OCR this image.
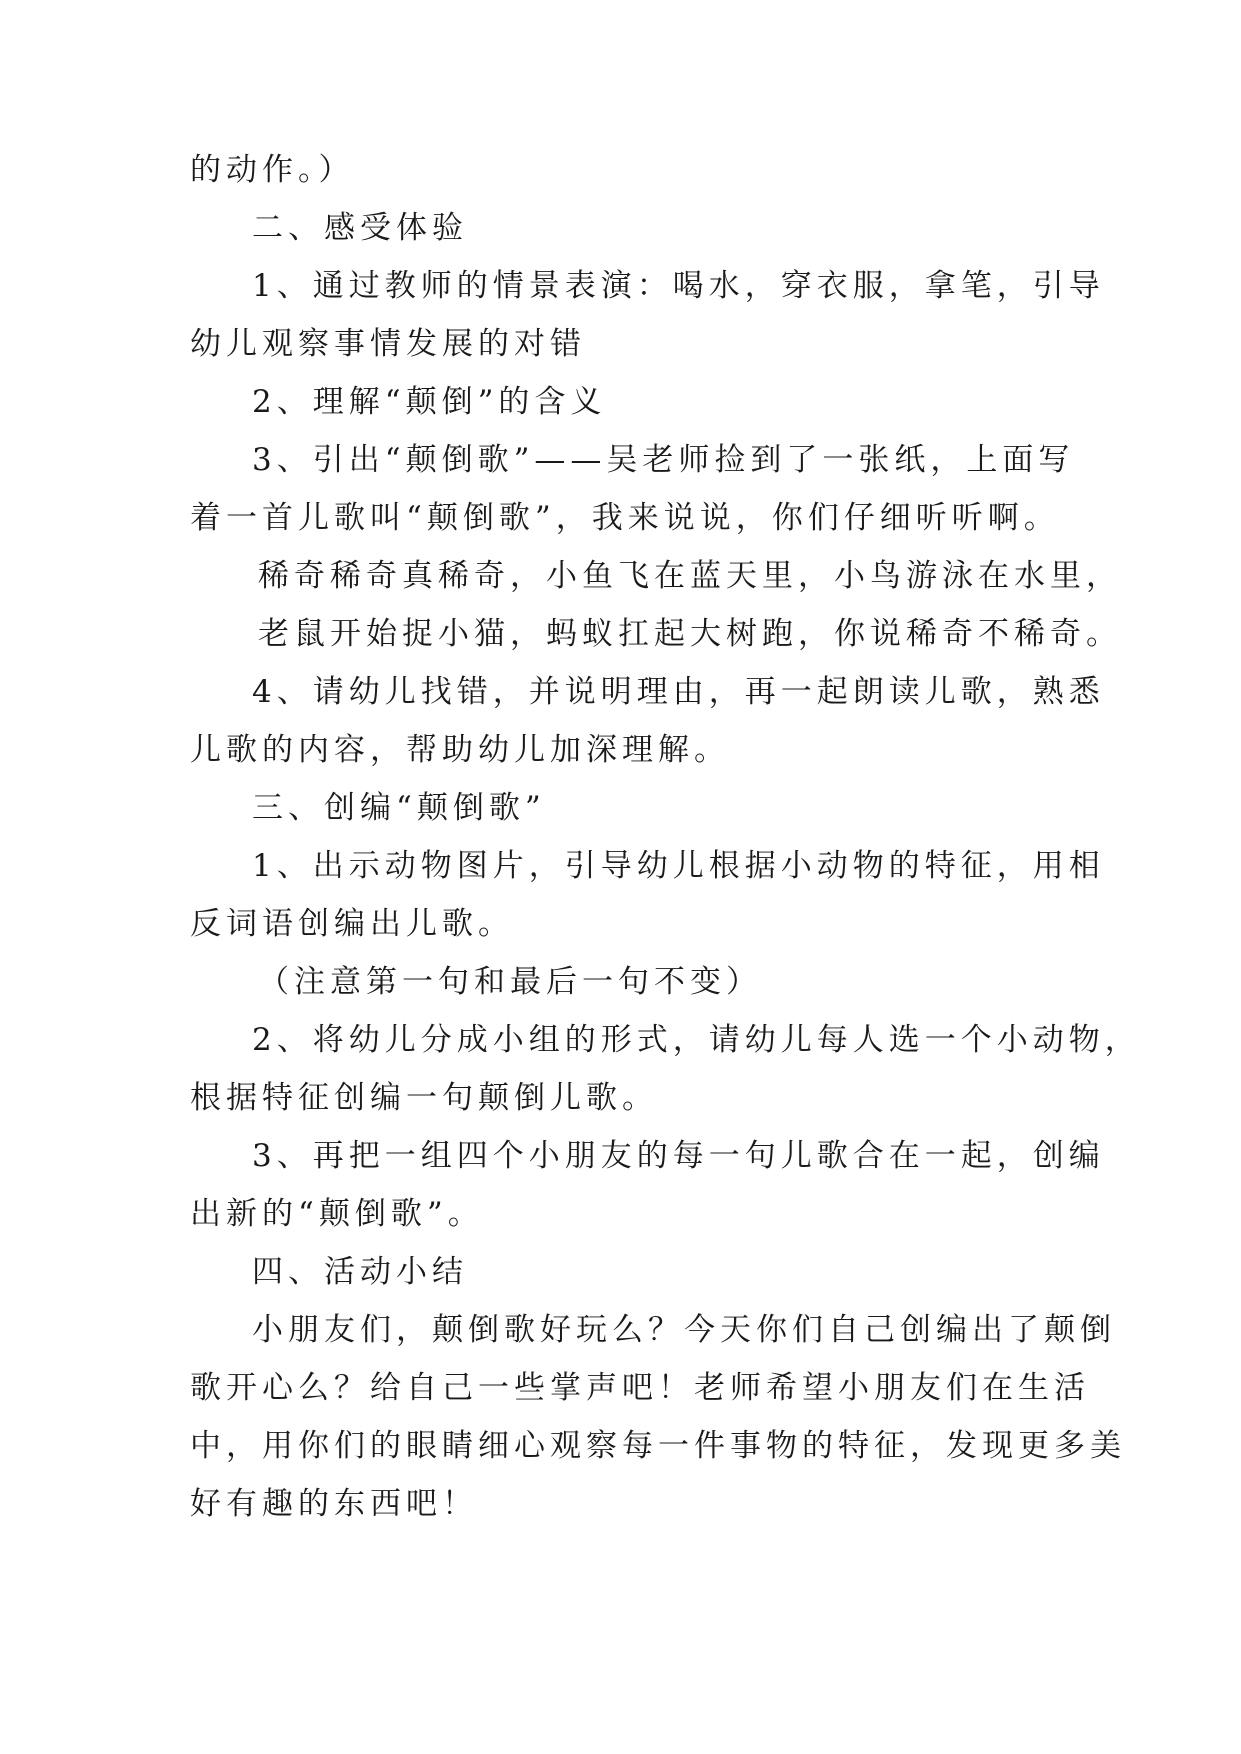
的动作。）
二、感受体验
1、通过教师的情景表演：喝水，穿衣服，拿笔，引导
幼儿观察事情发展的对错
2、理解“颠倒”的含义
3、引出“颠倒歌”——吴老师捡到了一张纸，上面写
着一首儿歌叫“颠倒歌”，我来说说，你们仔细听听啊。
稀奇稀奇真稀奇，小鱼飞在蓝天里，小鸟游泳在水里，
老鼠开始捉小猫，蚂蚁扛起大树跑，你说稀奇不稀奇。
4、请幼儿找错，并说明理由，再一起朗读儿歌，熟悉
儿歌的内容，帮助幼儿加深理解。
三、创编“颠倒歌”
1、出示动物图片，引导幼儿根据小动物的特征，用相
反词语创编出儿歌。
（注意第一句和最后一句不变）
2、将幼儿分成小组的形式，请幼儿每人选一个小动物，
根据特征创编一句颠倒儿歌。
3、再把一组四个小朋友的每一句儿歌合在一起，创编
出新的“颠倒歌”。
四、活动小结
小朋友们，颠倒歌好玩么？今天你们自己创编出了颠倒
歌开心么？给自己一些掌声吧！老师希望小朋友们在生活
中，用你们的眼睛细心观察每一件事物的特征，发现更多美
好有趣的东西吧！
